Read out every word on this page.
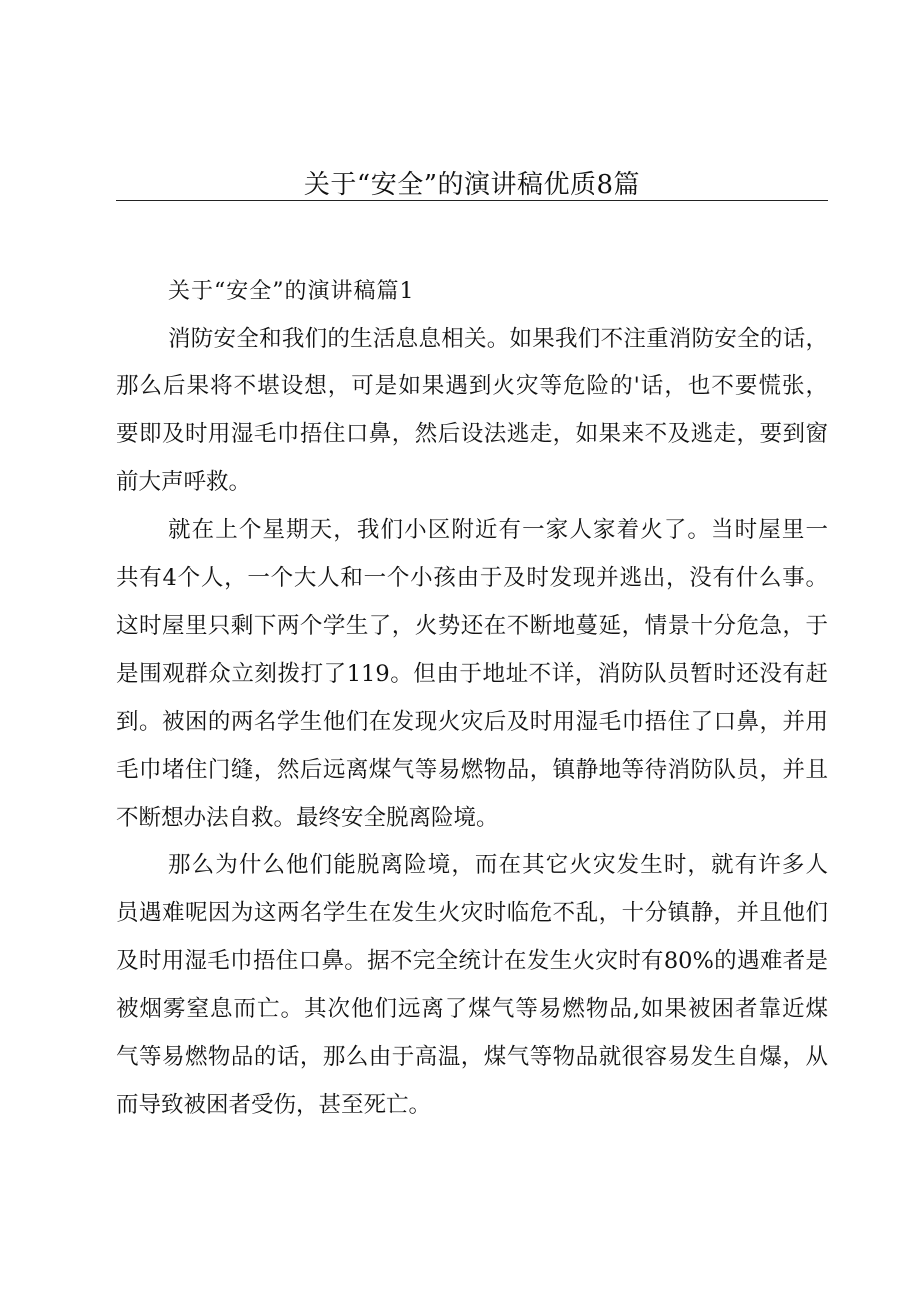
关于“安全”的演讲稿优质8篇
关于“安全”的演讲稿篇1

消防安全和我们的生活息息相关。如果我们不注重消防安全的话，

那么后果将不堪设想，可是如果遇到火灾等危险的'话，也不要慌张，

要即及时用湿毛巾捂住口鼻，然后设法逃走，如果来不及逃走，要到窗

前大声呼救。

就在上个星期天，我们小区附近有一家人家着火了。当时屋里一

共有4个人，一个大人和一个小孩由于及时发现并逃出，没有什么事。

这时屋里只剩下两个学生了，火势还在不断地蔓延，情景十分危急，于

是围观群众立刻拨打了119。但由于地址不详，消防队员暂时还没有赶

到。被困的两名学生他们在发现火灾后及时用湿毛巾捂住了口鼻，并用

毛巾堵住门缝，然后远离煤气等易燃物品，镇静地等待消防队员，并且

不断想办法自救。最终安全脱离险境。

那么为什么他们能脱离险境，而在其它火灾发生时，就有许多人

员遇难呢因为这两名学生在发生火灾时临危不乱，十分镇静，并且他们

及时用湿毛巾捂住口鼻。据不完全统计在发生火灾时有80%的遇难者是

被烟雾窒息而亡。其次他们远离了煤气等易燃物品,如果被困者靠近煤

气等易燃物品的话，那么由于高温，煤气等物品就很容易发生自爆，从

而导致被困者受伤，甚至死亡。
